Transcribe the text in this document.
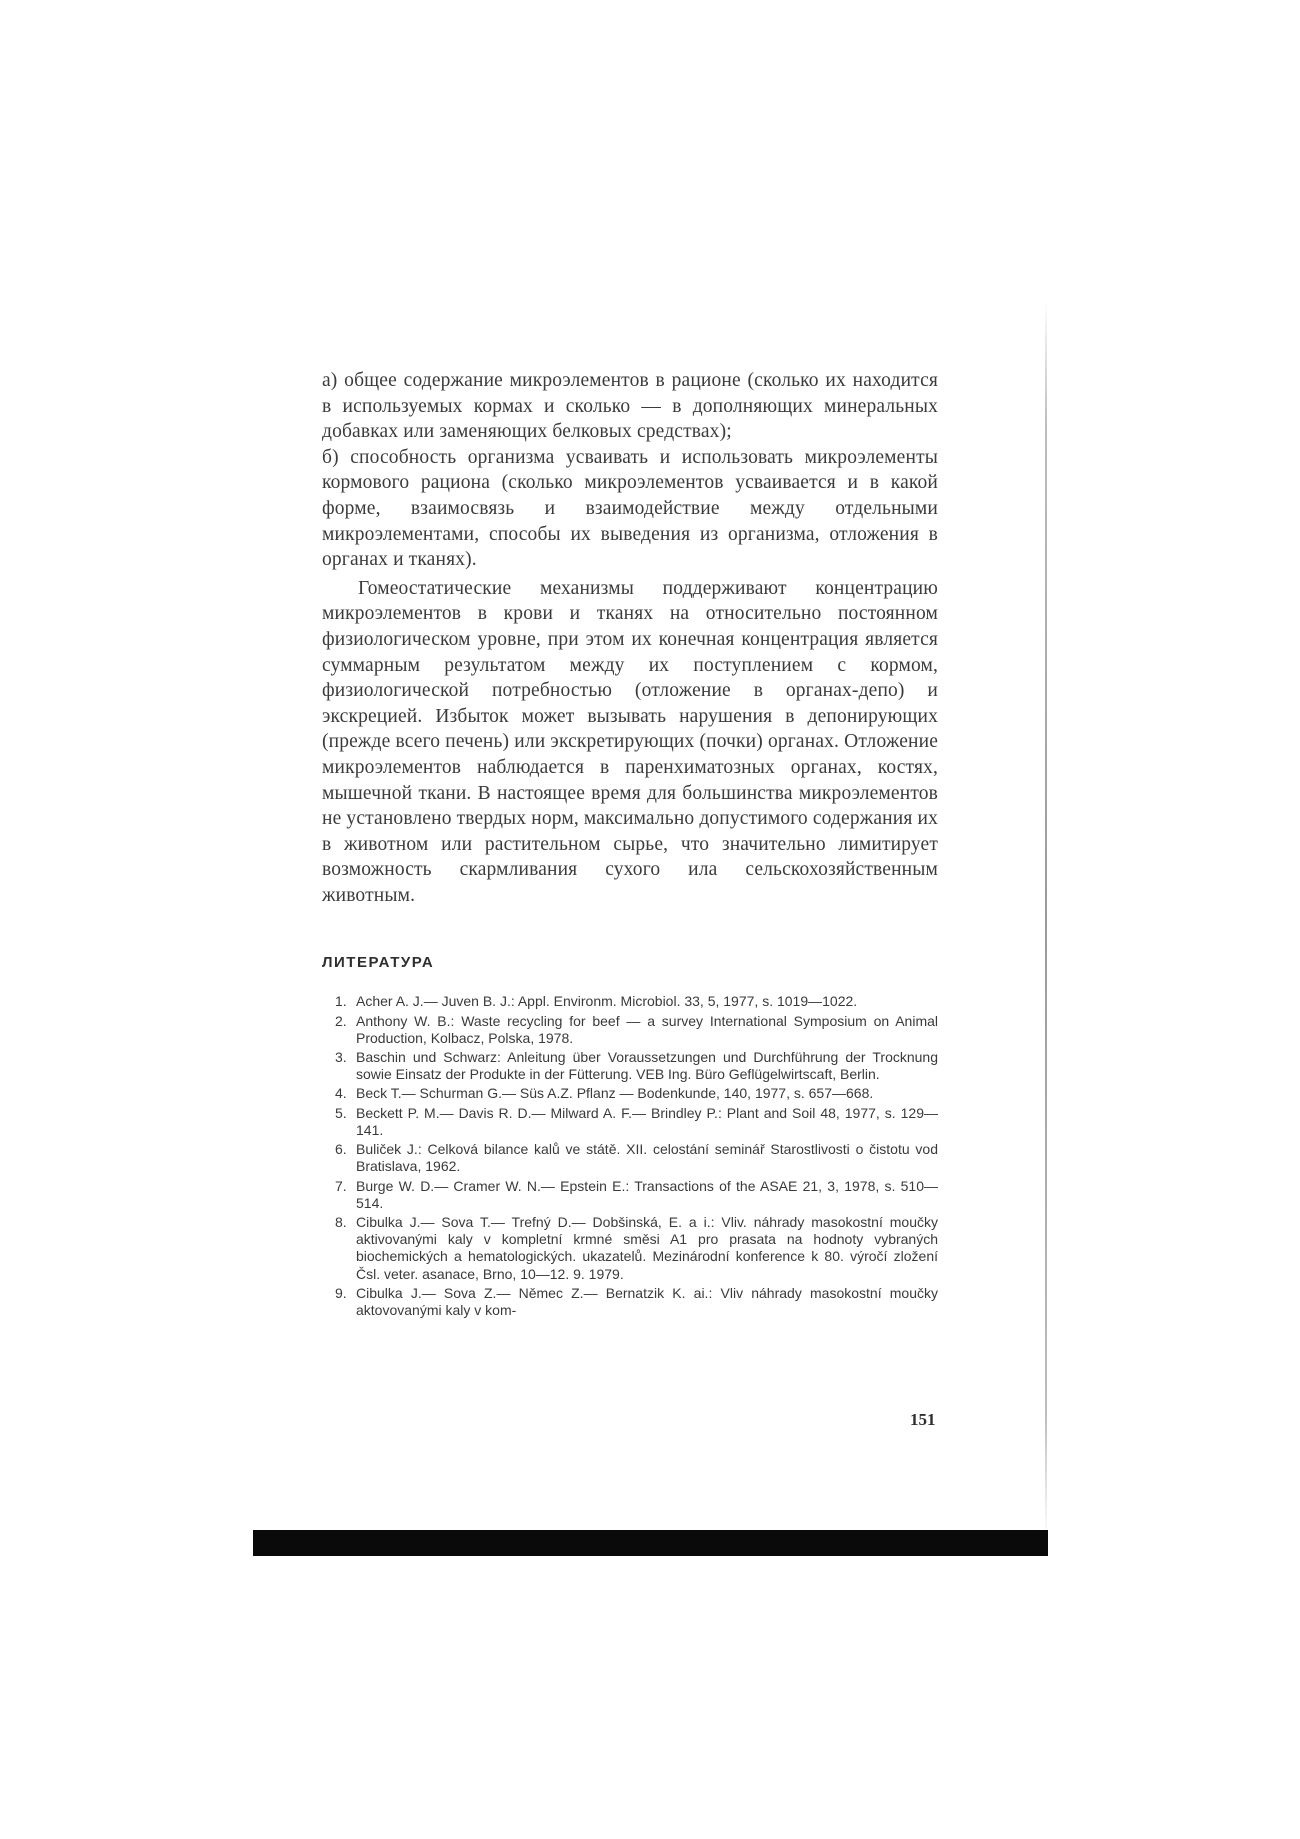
а) общее содержание микроэлементов в рационе (сколько их находится в используемых кормах и сколько — в дополняющих минеральных добавках или заменяющих белковых средствах);

б) способность организма усваивать и использовать микроэлементы кормового рациона (сколько микроэлементов усваивается и в какой форме, взаимосвязь и взаимодействие между отдельными микроэлементами, способы их выведения из организма, отложения в органах и тканях).

Гомеостатические механизмы поддерживают концентрацию микроэлементов в крови и тканях на относительно постоянном физиологическом уровне, при этом их конечная концентрация является суммарным результатом между их поступлением с кормом, физиологической потребностью (отложение в органах-депо) и экскрецией. Избыток может вызывать нарушения в депонирующих (прежде всего печень) или экскретирующих (почки) органах. Отложение микроэлементов наблюдается в паренхиматозных органах, костях, мышечной ткани. В настоящее время для большинства микроэлементов не установлено твердых норм, максимально допустимого содержания их в животном или растительном сырье, что значительно лимитирует возможность скармливания сухого ила сельскохозяйственным животным.

ЛИТЕРАТУРА
1. Acher A. J.— Juven B. J.: Appl. Environm. Microbiol. 33, 5, 1977, s. 1019—1022.
2. Anthony W. B.: Waste recycling for beef — a survey International Symposium on Animal Production, Kolbacz, Polska, 1978.
3. Baschin und Schwarz: Anleitung über Voraussetzungen und Durchführung der Trocknung sowie Einsatz der Produkte in der Fütterung. VEB Ing. Büro Geflügelwirtscaft, Berlin.
4. Beck T.— Schurman G.— Süs A.Z. Pflanz — Bodenkunde, 140, 1977, s. 657—668.
5. Beckett P. M.— Davis R. D.— Milward A. F.— Brindley P.: Plant and Soil 48, 1977, s. 129—141.
6. Buliček J.: Celková bilance kalů ve státě. XII. celostání seminář Starostlivosti o čistotu vod Bratislava, 1962.
7. Burge W. D.— Cramer W. N.— Epstein E.: Transactions of the ASAE 21, 3, 1978, s. 510—514.
8. Cibulka J.— Sova T.— Trefný D.— Dobšinská, E. a i.: Vliv. náhrady masokostní moučky aktivovanými kaly v kompletní krmné směsi A1 pro prasata na hodnoty vybraných biochemických a hematologických. ukazatelů. Mezinárodní konference k 80. výročí zložení Čsl. veter. asanace, Brno, 10—12. 9. 1979.
9. Cibulka J.— Sova Z.— Němec Z.— Bernatzik K. ai.: Vliv náhrady masokostní moučky aktovovanými kaly v kom-
151
